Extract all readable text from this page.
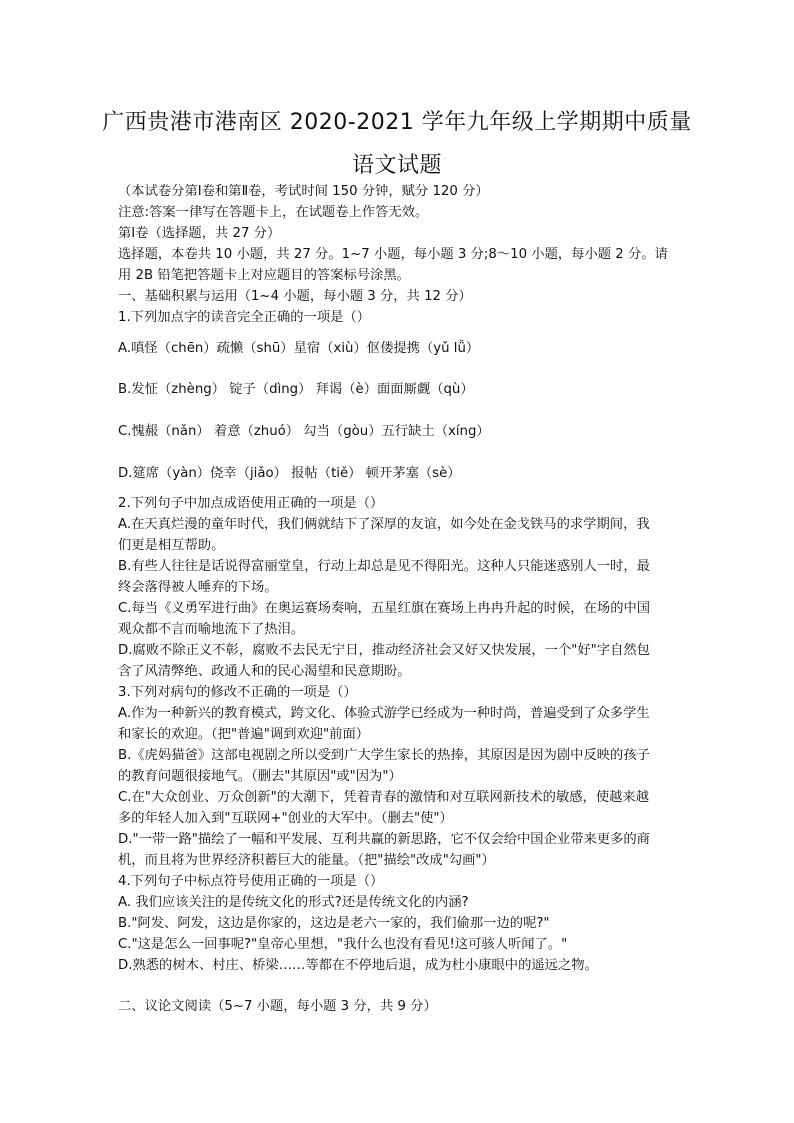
广西贵港市港南区 2020-2021 学年九年级上学期期中质量
语文试题
（本试卷分第Ⅰ卷和第Ⅱ卷，考试时间 150 分钟，赋分 120 分）
注意:答案一律写在答题卡上，在试题卷上作答无效。
第Ⅰ卷（选择题，共 27 分）
选择题，本卷共 10 小题，共 27 分。1~7 小题，每小题 3 分;8～10 小题，每小题 2 分。请
用 2B 铅笔把答题卡上对应题目的答案标号涂黑。
一、基础积累与运用（1~4 小题，每小题 3 分，共 12 分）
1.下列加点字的读音完全正确的一项是（）
A.嗔怪（chēn）疏懒（shū）星宿（xiù）伛偻提携（yǔ lǚ）
B.发怔（zhèng） 锭子（dìng） 拜谒（è）面面厮觑（qù）
C.愧赧（nǎn） 着意（zhuó） 勾当（gòu）五行缺土（xíng）
D.筵席（yàn）侥幸（jiǎo） 报帖（tiě） 顿开茅塞（sè）
2.下列句子中加点成语使用正确的一项是（）
A.在天真烂漫的童年时代，我们俩就结下了深厚的友谊，如今处在金戈铁马的求学期间，我
们更是相互帮助。
B.有些人往往是话说得富丽堂皇，行动上却总是见不得阳光。这种人只能迷惑别人一时，最
终会落得被人唾弃的下场。
C.每当《义勇军进行曲》在奥运赛场奏响，五星红旗在赛场上冉冉升起的时候，在场的中国
观众都不言而喻地流下了热泪。
D.腐败不除正义不彰，腐败不去民无宁日，推动经济社会又好又快发展，一个"好"字自然包
含了风清弊绝、政通人和的民心渴望和民意期盼。
3.下列对病句的修改不正确的一项是（）
A.作为一种新兴的教育模式，跨文化、体验式游学已经成为一种时尚，普遍受到了众多学生
和家长的欢迎。（把"普遍"调到欢迎"前面）
B.《虎妈猫爸》这部电视剧之所以受到广大学生家长的热捧，其原因是因为剧中反映的孩子
的教育问题很接地气。（删去"其原因"或"因为"）
C.在"大众创业、万众创新"的大潮下，凭着青春的激情和对互联网新技术的敏感，使越来越
多的年轻人加入到"互联网+"创业的大军中。（删去"使"）
D."一带一路"描绘了一幅和平发展、互利共赢的新思路，它不仅会给中国企业带来更多的商
机，而且将为世界经济积蓄巨大的能量。（把"描绘"改成"勾画"）
4.下列句子中标点符号使用正确的一项是（）
A. 我们应该关注的是传统文化的形式?还是传统文化的内涵?
B."阿发、阿发，这边是你家的，这边是老六一家的，我们偷那一边的呢?"
C."这是怎么一回事呢?"皇帝心里想，"我什么也没有看见!这可骇人听闻了。"
D.熟悉的树木、村庄、桥梁……等都在不停地后退，成为杜小康眼中的遥远之物。
二、议论文阅读（5~7 小题，每小题 3 分，共 9 分）
